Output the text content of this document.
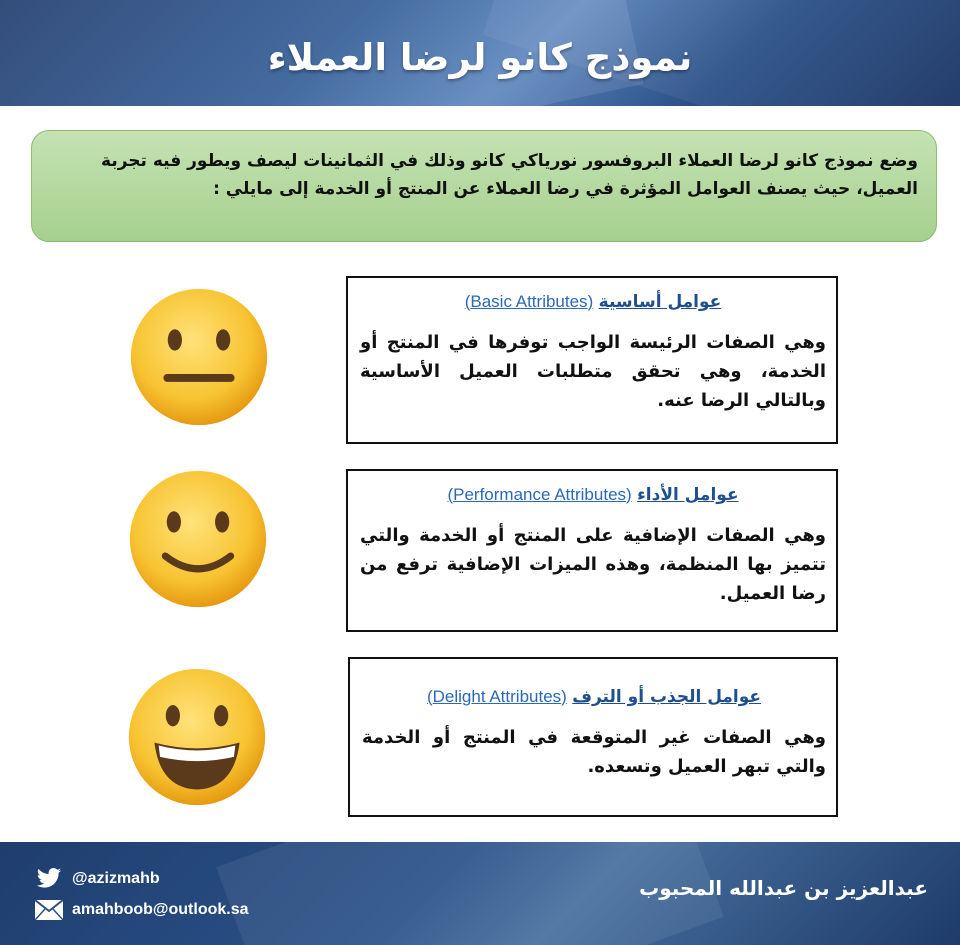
نموذج كانو لرضا العملاء
وضع نموذج كانو لرضا العملاء البروفسور نورياكي كانو وذلك في الثمانينات ليصف ويطور فيه تجربة العميل، حيث يصنف العوامل المؤثرة في رضا العملاء عن المنتج أو الخدمة إلى مايلي :
عوامل أساسية (Basic Attributes)
وهي الصفات الرئيسة الواجب توفرها في المنتج أو الخدمة، وهي تحقق متطلبات العميل الأساسية وبالتالي الرضا عنه.
عوامل الأداء (Performance Attributes)
وهي الصفات الإضافية على المنتج أو الخدمة والتي تتميز بها المنظمة، وهذه الميزات الإضافية ترفع من رضا العميل.
عوامل الجذب أو الترف (Delight Attributes)
وهي الصفات غير المتوقعة في المنتج أو الخدمة والتي تبهر العميل وتسعده.
@azizmahb
amahboob@outlook.sa
عبدالعزيز بن عبدالله المحبوب
